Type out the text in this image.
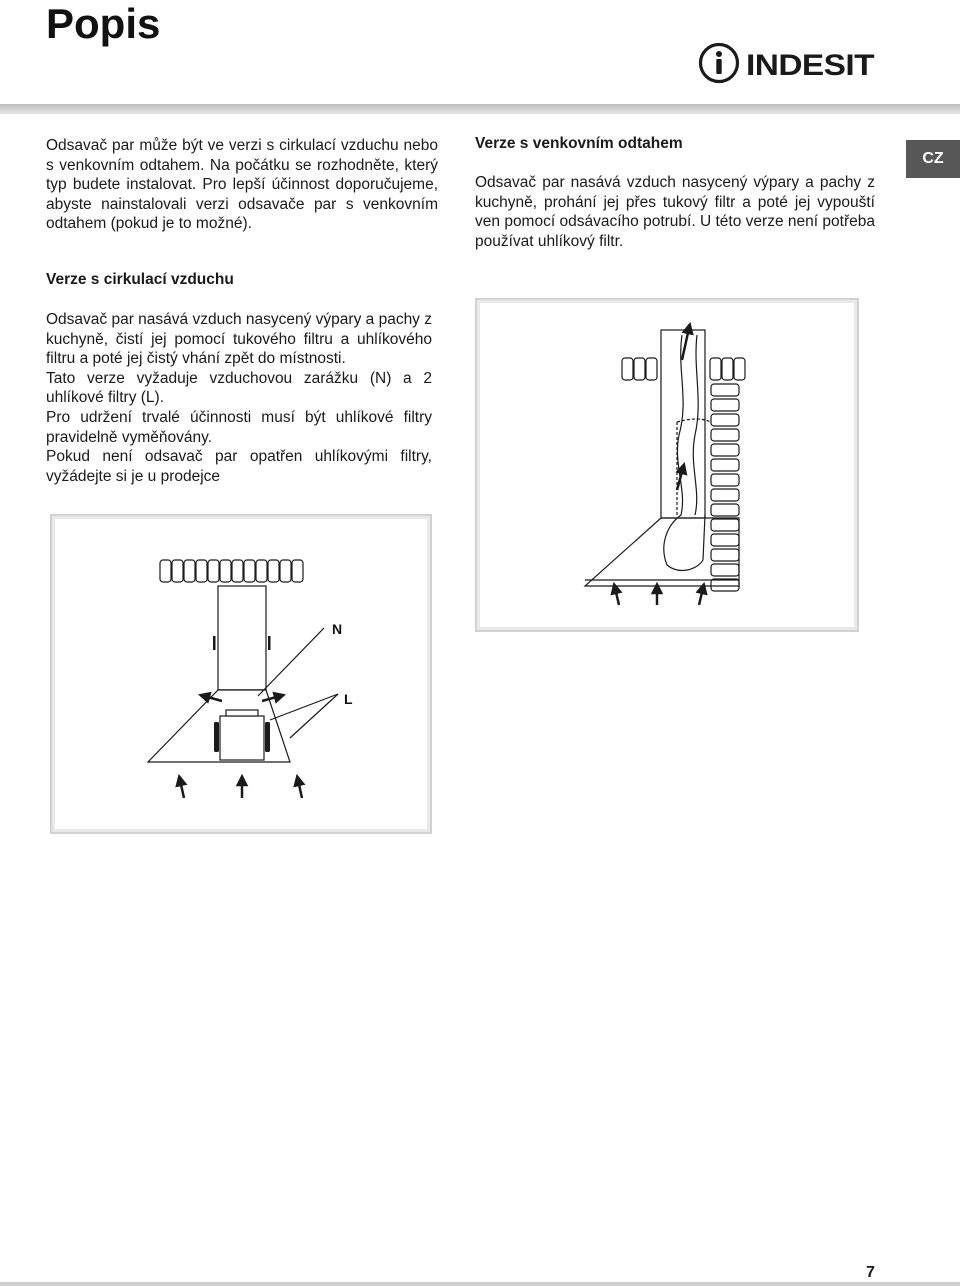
Popis
INDESIT

Odsavač par může být ve verzi s cirkulací vzduchu nebo s venkovním odtahem. Na počátku se rozhodněte, který typ budete instalovat. Pro lepší účinnost doporučujeme, abyste nainstalovali verzi odsavače par s venkovním odtahem (pokud je to možné).

Verze s venkovním odtahem

Odsavač par nasává vzduch nasycený výpary a pachy z kuchyně, prohání jej přes tukový filtr a poté jej vypouští ven pomocí odsávacího potrubí. U této verze není potřeba používat uhlíkový filtr.

CZ

Verze s cirkulací vzduchu

Odsavač par nasává vzduch nasycený výpary a pachy z kuchyně, čistí jej pomocí tukového filtru a uhlíkového filtru a poté jej čistý vhání zpět do místnosti.
Tato verze vyžaduje vzduchovou zarážku (N) a 2 uhlíkové filtry (L).
Pro udržení trvalé účinnosti musí být uhlíkové filtry pravidelně vyměňovány.
Pokud není odsavač par opatřen uhlíkovými filtry, vyžádejte si je u prodejce
N
L

7
